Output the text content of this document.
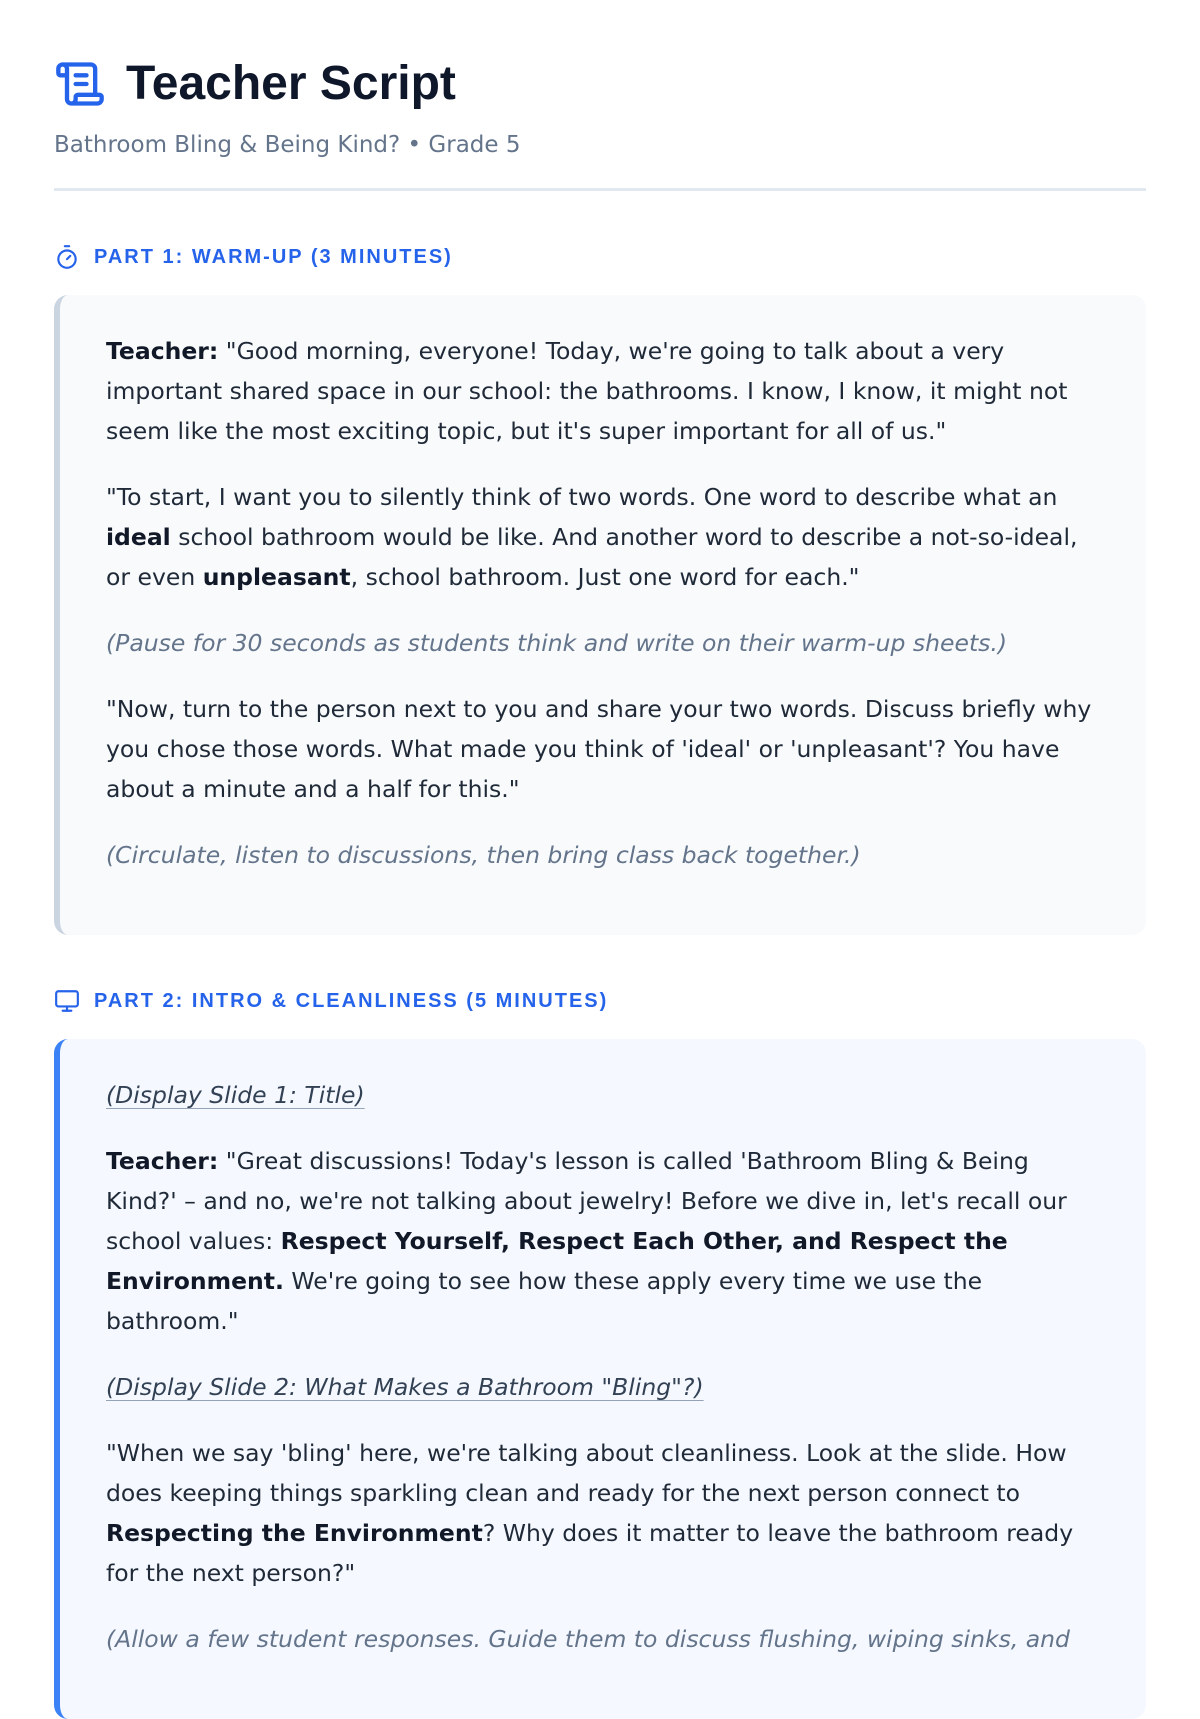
Teacher Script
Bathroom Bling & Being Kind? • Grade 5
PART 1: WARM-UP (3 MINUTES)

Teacher: "Good morning, everyone! Today, we're going to talk about a very important shared space in our school: the bathrooms. I know, I know, it might not seem like the most exciting topic, but it's super important for all of us."

"To start, I want you to silently think of two words. One word to describe what an ideal school bathroom would be like. And another word to describe a not-so-ideal, or even unpleasant, school bathroom. Just one word for each."

(Pause for 30 seconds as students think and write on their warm-up sheets.)

"Now, turn to the person next to you and share your two words. Discuss briefly why you chose those words. What made you think of 'ideal' or 'unpleasant'? You have about a minute and a half for this."

(Circulate, listen to discussions, then bring class back together.)

PART 2: INTRO & CLEANLINESS (5 MINUTES)

(Display Slide 1: Title)

Teacher: "Great discussions! Today's lesson is called 'Bathroom Bling & Being Kind?' – and no, we're not talking about jewelry! Before we dive in, let's recall our school values: Respect Yourself, Respect Each Other, and Respect the Environment. We're going to see how these apply every time we use the bathroom."

(Display Slide 2: What Makes a Bathroom "Bling"?)

"When we say 'bling' here, we're talking about cleanliness. Look at the slide. How does keeping things sparkling clean and ready for the next person connect to Respecting the Environment? Why does it matter to leave the bathroom ready for the next person?"

(Allow a few student responses. Guide them to discuss flushing, wiping sinks, and
